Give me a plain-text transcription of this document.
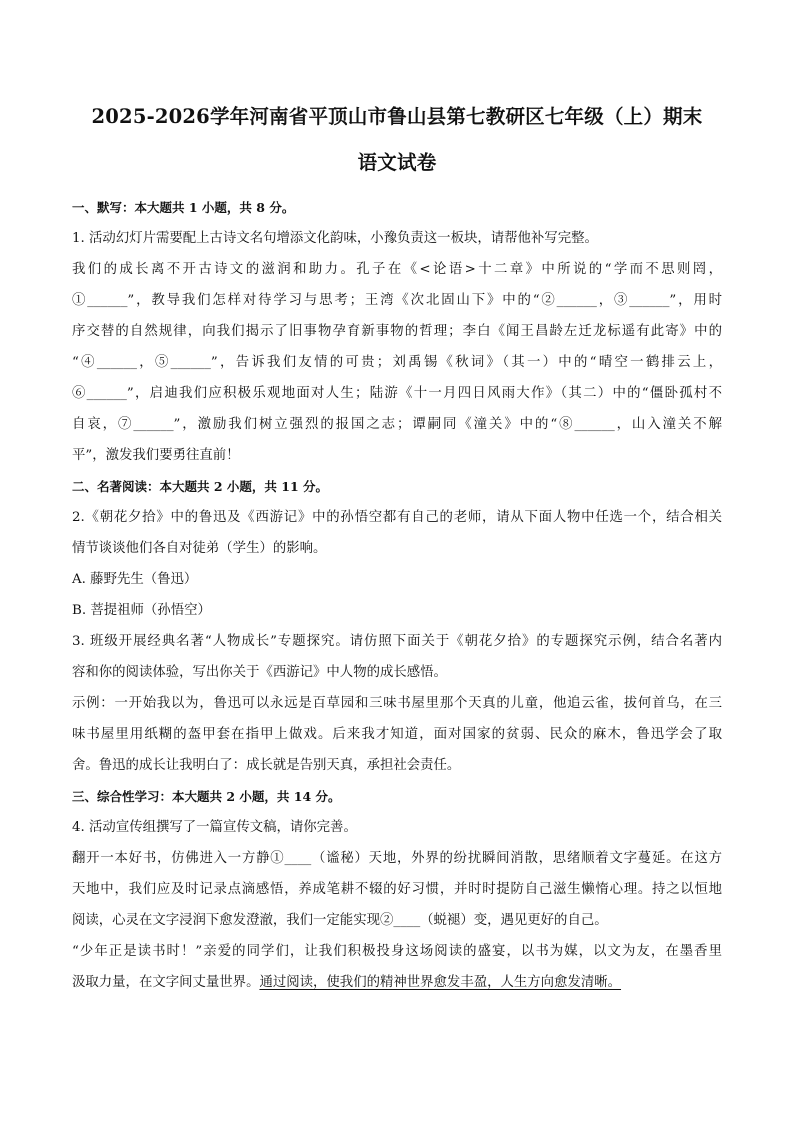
2025-2026学年河南省平顶山市鲁山县第七教研区七年级（上）期末
语文试卷

一、默写：本大题共 1 小题，共 8 分。

1. 活动幻灯片需要配上古诗文名句增添文化韵味，小豫负责这一板块，请帮他补写完整。

我们的成长离不开古诗文的滋润和助力。孔子在《<论语>十二章》中所说的“学而不思则罔，

①______”，教导我们怎样对待学习与思考；王湾《次北固山下》中的“②______，③______”，用时

序交替的自然规律，向我们揭示了旧事物孕育新事物的哲理；李白《闻王昌龄左迁龙标遥有此寄》中的

“④______，⑤______”，告诉我们友情的可贵；刘禹锡《秋词》（其一）中的“晴空一鹤排云上，

⑥______”，启迪我们应积极乐观地面对人生；陆游《十一月四日风雨大作》（其二）中的“僵卧孤村不

自哀，⑦______”，激励我们树立强烈的报国之志；谭嗣同《潼关》中的“⑧______，山入潼关不解

平”，激发我们要勇往直前！

二、名著阅读：本大题共 2 小题，共 11 分。

2.《朝花夕拾》中的鲁迅及《西游记》中的孙悟空都有自己的老师，请从下面人物中任选一个，结合相关

情节谈谈他们各自对徒弟（学生）的影响。

A. 藤野先生（鲁迅）

B. 菩提祖师（孙悟空）

3. 班级开展经典名著“人物成长”专题探究。请仿照下面关于《朝花夕拾》的专题探究示例，结合名著内

容和你的阅读体验，写出你关于《西游记》中人物的成长感悟。

示例：一开始我以为，鲁迅可以永远是百草园和三味书屋里那个天真的儿童，他追云雀，拔何首乌，在三

味书屋里用纸糊的盔甲套在指甲上做戏。后来我才知道，面对国家的贫弱、民众的麻木，鲁迅学会了取

舍。鲁迅的成长让我明白了：成长就是告别天真，承担社会责任。

三、综合性学习：本大题共 2 小题，共 14 分。

4. 活动宣传组撰写了一篇宣传文稿，请你完善。

翻开一本好书，仿佛进入一方静①____（谧秘）天地，外界的纷扰瞬间消散，思绪顺着文字蔓延。在这方

天地中，我们应及时记录点滴感悟，养成笔耕不辍的好习惯，并时时提防自己滋生懒惰心理。持之以恒地

阅读，心灵在文字浸润下愈发澄澈，我们一定能实现②____（蜕褪）变，遇见更好的自己。

“少年正是读书时！”亲爱的同学们，让我们积极投身这场阅读的盛宴，以书为媒，以文为友，在墨香里

汲取力量，在文字间丈量世界。通过阅读，使我们的精神世界愈发丰盈，人生方向愈发清晰。
